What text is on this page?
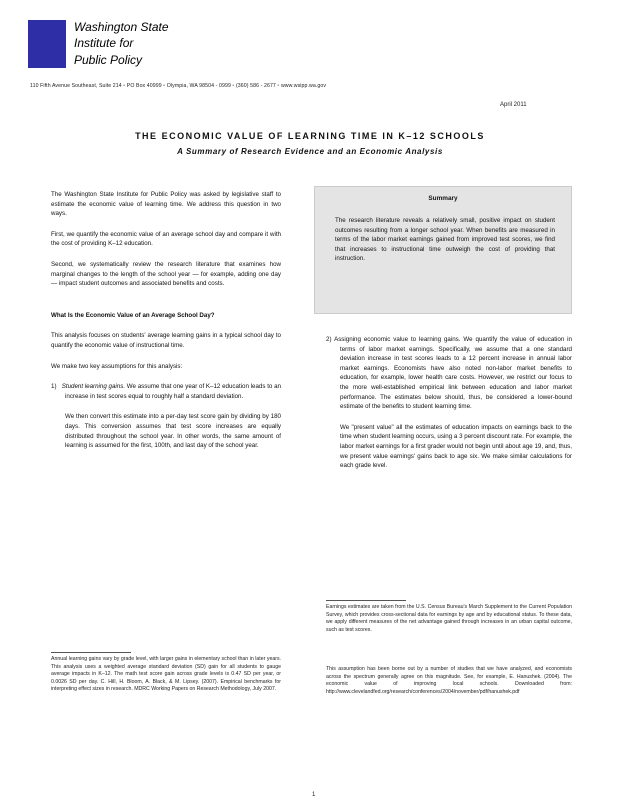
Washington State
Institute for
Public Policy
110 Fifth Avenue Southeast, Suite 214 ▫ PO Box 40999 ▫ Olympia, WA 98504 - 0999 ▫ (360) 586 - 2677 ▫ www.wsipp.wa.gov
April 2011
THE ECONOMIC VALUE OF LEARNING TIME IN K–12 SCHOOLS
A Summary of Research Evidence and an Economic Analysis

The Washington State Institute for Public Policy was asked by legislative staff to estimate the economic value of learning time. We address this question in two ways.

First, we quantify the economic value of an average school day and compare it with the cost of providing K–12 education.

Second, we systematically review the research literature that examines how marginal changes to the length of the school year — for example, adding one day — impact student outcomes and associated benefits and costs.

What Is the Economic Value of an Average School Day?

This analysis focuses on students' average learning gains in a typical school day to quantify the economic value of instructional time.

We make two key assumptions for this analysis:

1)   Student learning gains. We assume that one year of K–12 education leads to an increase in test scores equal to roughly half a standard deviation.

We then convert this estimate into a per-day test score gain by dividing by 180 days. This conversion assumes that test score increases are equally distributed throughout the school year. In other words, the same amount of learning is assumed for the first, 100th, and last day of the school year.

Annual learning gains vary by grade level, with larger gains in elementary school than in later years. This analysis uses a weighted average standard deviation (SD) gain for all students to gauge average impacts in K–12. The math test score gain across grade levels is 0.47 SD per year, or 0.0026 SD per day. C. Hill, H. Bloom, A. Black, & M. Lipsey. (2007). Empirical benchmarks for interpreting effect sizes in research. MDRC Working Papers on Research Methodology, July 2007.
Summary
The research literature reveals a relatively small, positive impact on student outcomes resulting from a longer school year. When benefits are measured in terms of the labor market earnings gained from improved test scores, we find that increases to instructional time outweigh the cost of providing that instruction.

2) Assigning economic value to learning gains. We quantify the value of education in terms of labor market earnings. Specifically, we assume that a one standard deviation increase in test scores leads to a 12 percent increase in annual labor market earnings. Economists have also noted non-labor market benefits to education, for example, lower health care costs. However, we restrict our focus to the more well-established empirical link between education and labor market performance. The estimates below should, thus, be considered a lower-bound estimate of the benefits to student learning time.

We "present value" all the estimates of education impacts on earnings back to the time when student learning occurs, using a 3 percent discount rate. For example, the labor market earnings for a first grader would not begin until about age 19, and, thus, we present value earnings' gains back to age six. We make similar calculations for each grade level.

Earnings estimates are taken from the U.S. Census Bureau's March Supplement to the Current Population Survey, which provides cross-sectional data for earnings by age and by educational status. To these data, we apply different measures of the net advantage gained through increases in an urban capital outcome, such as test scores.
This assumption has been borne out by a number of studies that we have analyzed, and economists across the spectrum generally agree on this magnitude. See, for example, E. Hanushek. (2004). The economic value of improving local schools. Downloaded from: http://www.clevelandfed.org/research/conferences/2004/november/pdf/hanushek.pdf
1
